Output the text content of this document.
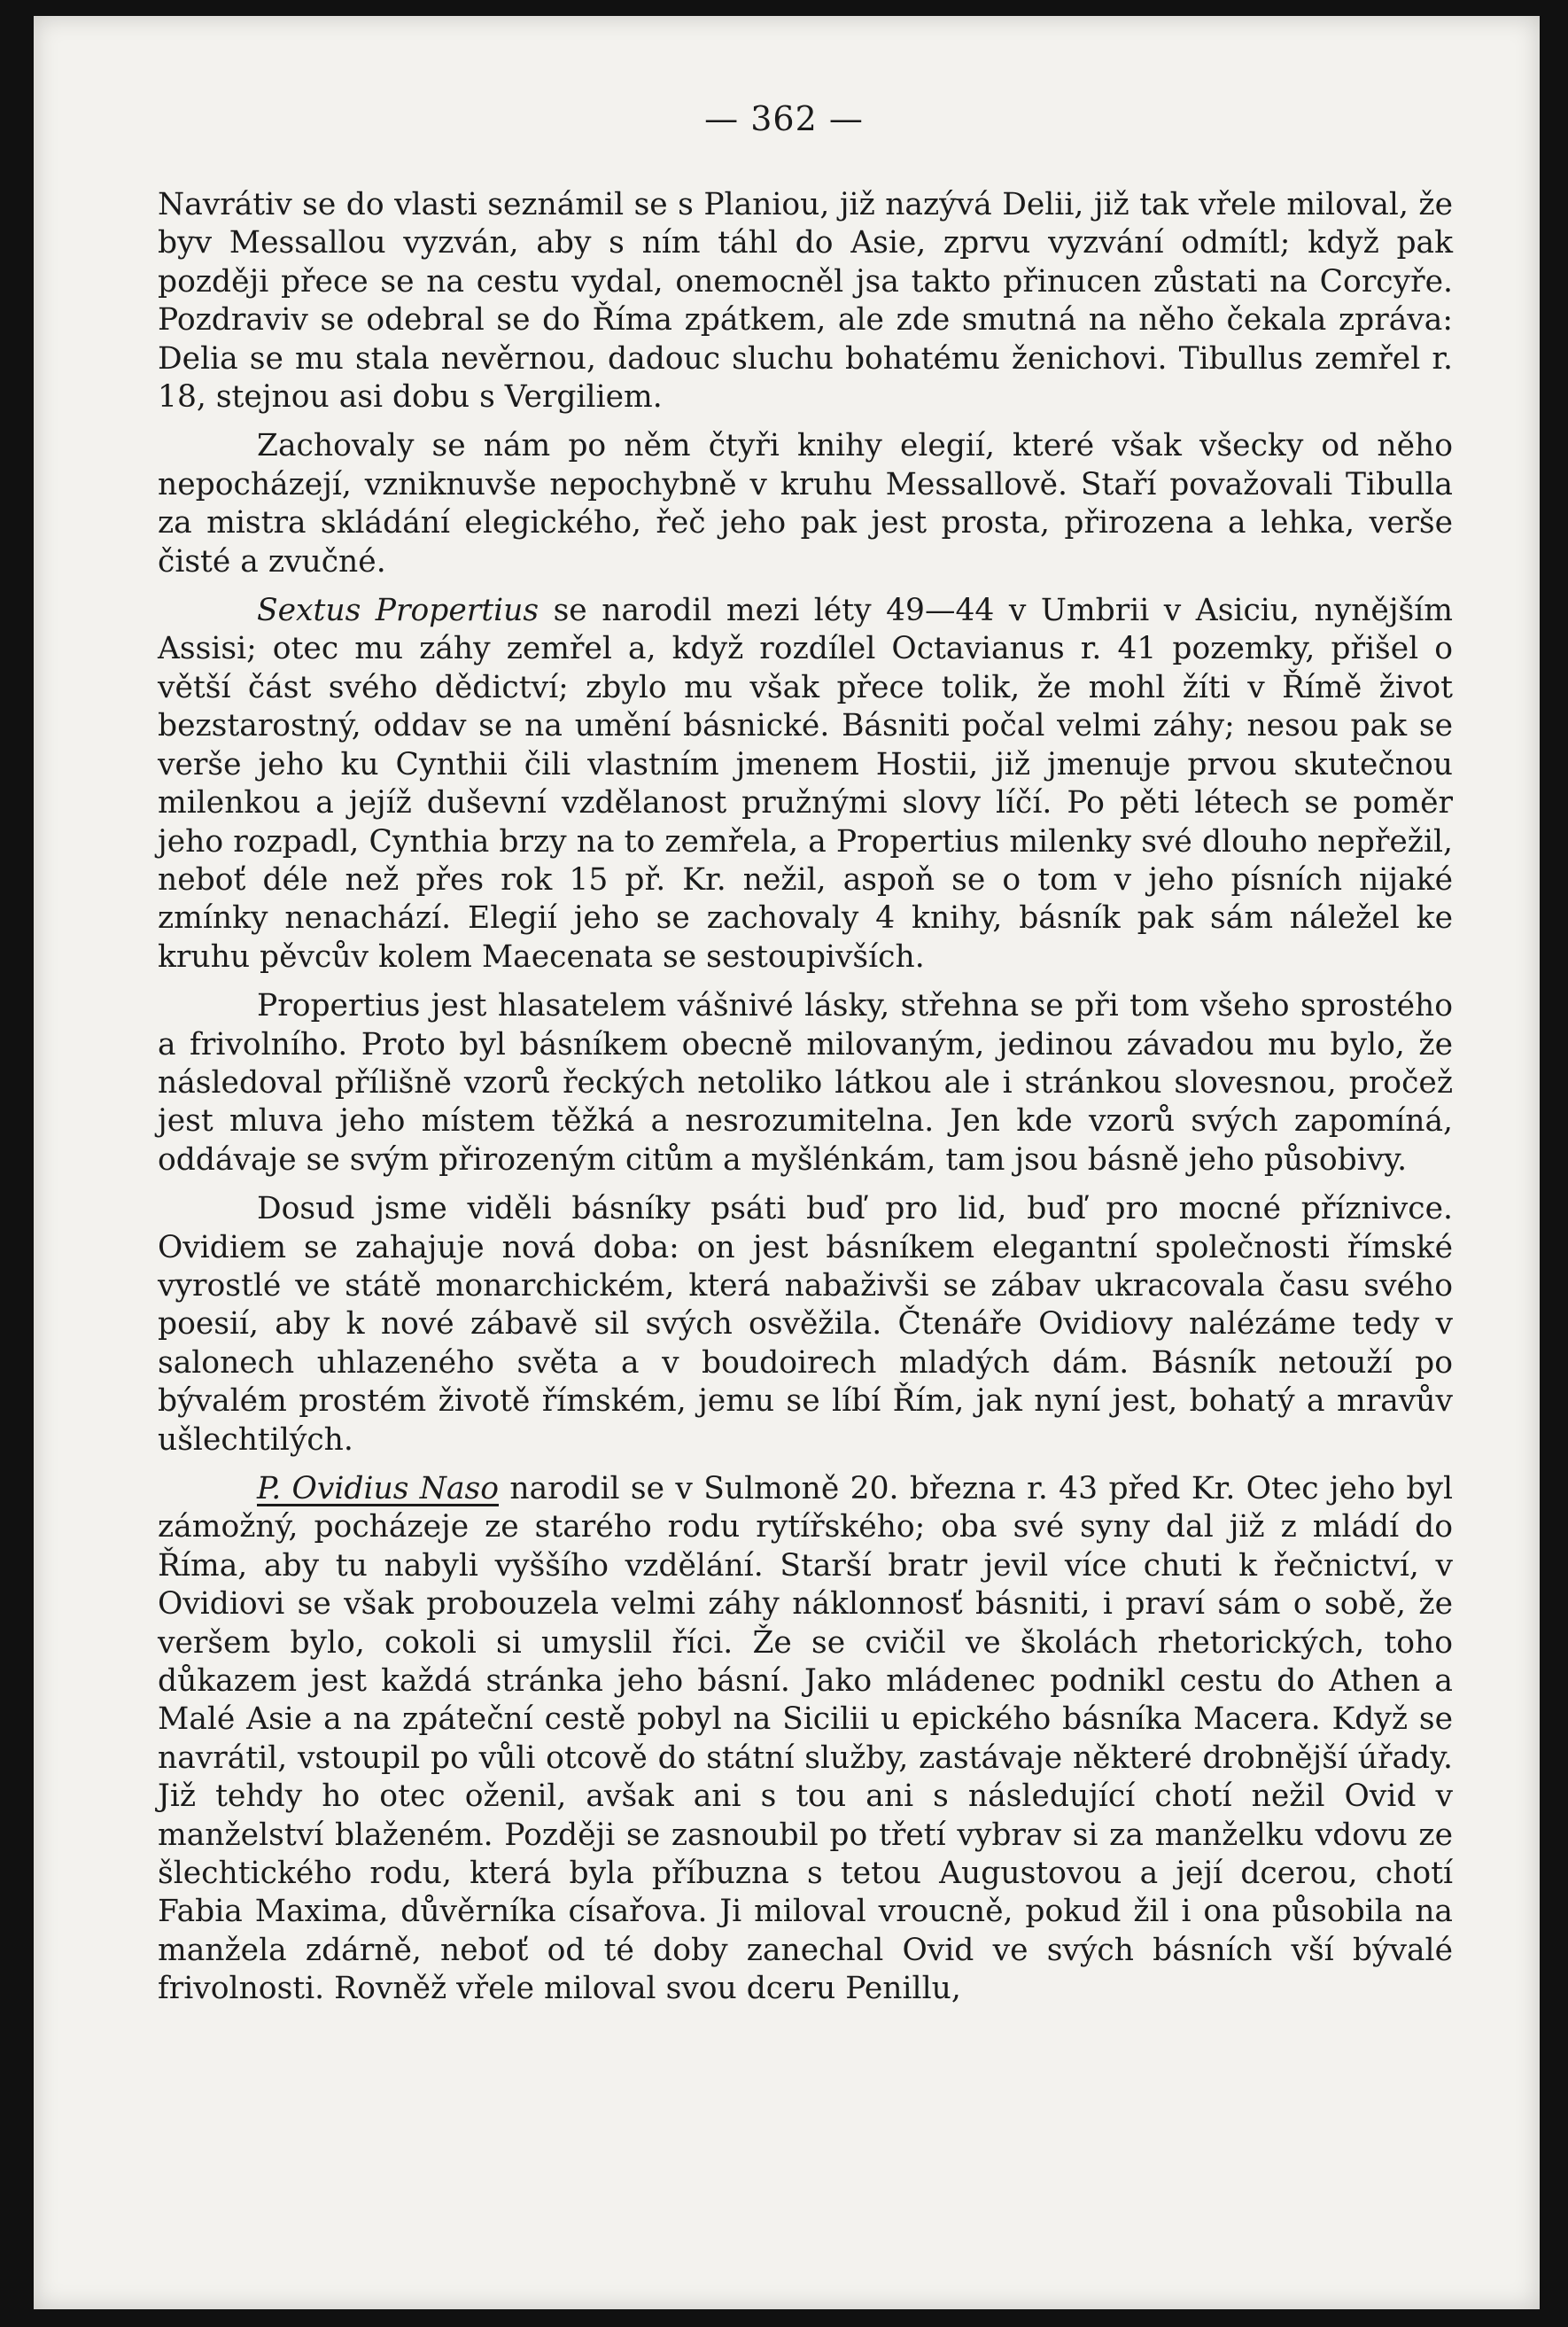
— 362 —

Navrátiv se do vlasti seznámil se s Planiou, již nazývá Delii, již tak vřele miloval, že byv Messallou vyzván, aby s ním táhl do Asie, zprvu vyzvání odmítl; když pak později přece se na cestu vydal, onemocněl jsa takto přinucen zůstati na Corcyře. Pozdraviv se odebral se do Říma zpátkem, ale zde smutná na něho čekala zpráva: Delia se mu stala nevěrnou, dadouc sluchu bohatému ženichovi. Tibullus zemřel r. 18, stejnou asi dobu s Vergiliem.

Zachovaly se nám po něm čtyři knihy elegií, které však všecky od něho nepocházejí, vzniknuvše nepochybně v kruhu Messallově. Staří považovali Tibulla za mistra skládání elegického, řeč jeho pak jest prosta, přirozena a lehka, verše čisté a zvučné.

Sextus Propertius se narodil mezi léty 49—44 v Umbrii v Asiciu, nynějším Assisi; otec mu záhy zemřel a, když rozdílel Octavianus r. 41 pozemky, přišel o větší část svého dědictví; zbylo mu však přece tolik, že mohl žíti v Římě život bezstarostný, oddav se na umění básnické. Básniti počal velmi záhy; nesou pak se verše jeho ku Cynthii čili vlastním jmenem Hostii, již jmenuje prvou skutečnou milenkou a jejíž duševní vzdělanost pružnými slovy líčí. Po pěti létech se poměr jeho rozpadl, Cynthia brzy na to zemřela, a Propertius milenky své dlouho nepřežil, neboť déle než přes rok 15 př. Kr. nežil, aspoň se o tom v jeho písních nijaké zmínky nenachází. Elegií jeho se zachovaly 4 knihy, básník pak sám náležel ke kruhu pěvcův kolem Maecenata se sestoupivších.

Propertius jest hlasatelem vášnivé lásky, střehna se při tom všeho sprostého a frivolního. Proto byl básníkem obecně milovaným, jedinou závadou mu bylo, že následoval přílišně vzorů řeckých netoliko látkou ale i stránkou slovesnou, pročež jest mluva jeho místem těžká a nesrozumitelna. Jen kde vzorů svých zapomíná, oddávaje se svým přirozeným citům a myšlénkám, tam jsou básně jeho působivy.

Dosud jsme viděli básníky psáti buď pro lid, buď pro mocné příznivce. Ovidiem se zahajuje nová doba: on jest básníkem elegantní společnosti římské vyrostlé ve státě monarchickém, která nabaživši se zábav ukracovala času svého poesií, aby k nové zábavě sil svých osvěžila. Čtenáře Ovidiovy nalézáme tedy v salonech uhlazeného světa a v boudoirech mladých dám. Básník netouží po bývalém prostém životě římském, jemu se líbí Řím, jak nyní jest, bohatý a mravův ušlechtilých.

P. Ovidius Naso narodil se v Sulmoně 20. března r. 43 před Kr. Otec jeho byl zámožný, pocházeje ze starého rodu rytířského; oba své syny dal již z mládí do Říma, aby tu nabyli vyššího vzdělání. Starší bratr jevil více chuti k řečnictví, v Ovidiovi se však probouzela velmi záhy náklonnosť básniti, i praví sám o sobě, že veršem bylo, cokoli si umyslil říci. Že se cvičil ve školách rhetorických, toho důkazem jest každá stránka jeho básní. Jako mládenec podnikl cestu do Athen a Malé Asie a na zpáteční cestě pobyl na Sicilii u epického básníka Macera. Když se navrátil, vstoupil po vůli otcově do státní služby, zastávaje některé drobnější úřady. Již tehdy ho otec oženil, avšak ani s tou ani s následující chotí nežil Ovid v manželství blaženém. Později se zasnoubil po třetí vybrav si za manželku vdovu ze šlechtického rodu, která byla příbuzna s tetou Augustovou a její dcerou, chotí Fabia Maxima, důvěrníka císařova. Ji miloval vroucně, pokud žil i ona působila na manžela zdárně, neboť od té doby zanechal Ovid ve svých básních vší bývalé frivolnosti. Rovněž vřele miloval svou dceru Penillu,
